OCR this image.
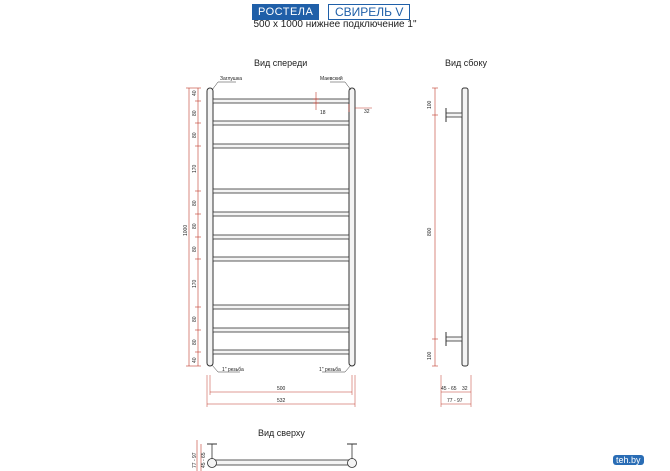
РОСТЕЛА	СВИРЕЛЬ V
500 х 1000 нижнее подключение 1"
Вид спереди	Вид сбоку
Вид сверху
Заглушка	Маевский
1" резьба	1" резьба
18	32
500
532
1000
40
80
80
170
80
80
80
170
80
80
40
100
800
100
45 - 65 32
77 - 97
77 - 97 45 - 65	teh.by
